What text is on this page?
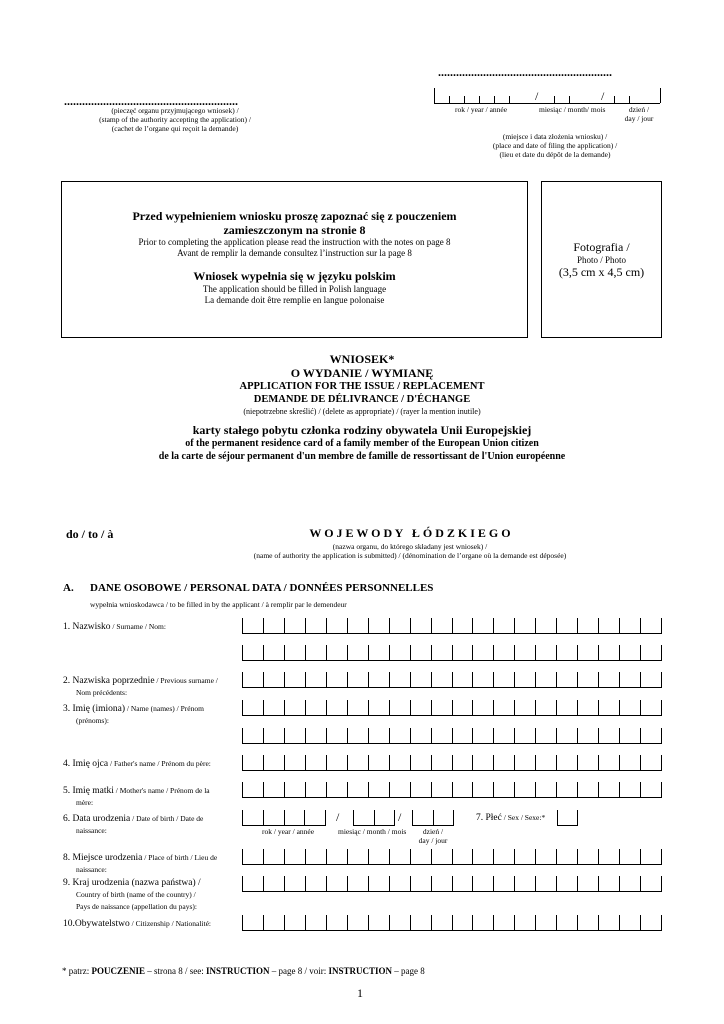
..........................................................
(pieczęć organu przyjmującego wniosek) /
(stamp of the authority accepting the application) /
(cachet de l’organe qui reçoit la demande)
..........................................................
/	/
rok / year / année	miesiąc / month/ mois	dzień /
day / jour
(miejsce i data złożenia wniosku) /
(place and date of filing the application) /
(lieu et date du dépôt de la demande)
Przed wypełnieniem wniosku proszę zapoznać się z pouczeniem
zamieszczonym na stronie 8
Prior to completing the application please read the instruction with the notes on page 8
Avant de remplir la demande consultez l’instruction sur la page 8
Wniosek wypełnia się w języku polskim
The application should be filled in Polish language
La demande doit être remplie en langue polonaise
Fotografia /
Photo / Photo
(3,5 cm x 4,5 cm)
WNIOSEK*
O WYDANIE / WYMIANĘ
APPLICATION FOR THE ISSUE / REPLACEMENT
DEMANDE DE DÉLIVRANCE / D'ÉCHANGE
(niepotrzebne skreślić) / (delete as appropriate) / (rayer la mention inutile)
karty stałego pobytu członka rodziny obywatela Unii Europejskiej
of the permanent residence card of a family member of the European Union citizen
de la carte de séjour permanent d'un membre de famille de ressortissant de l'Union européenne
do / to / à	W O J E W O D Y   Ł Ó D Z K I E G O
(nazwa organu, do którego składany jest wniosek) /
(name of authority the application is submitted) / (dénomination de l’organe où la demande est déposée)
A. DANE OSOBOWE / PERSONAL DATA / DONNÉES PERSONNELLES
wypełnia wnioskodawca / to be filled in by the applicant / à remplir par le demendeur
1. Nazwisko / Surname / Nom:
2. Nazwiska poprzednie / Previous surname /
Nom précédents:
3. Imię (imiona) / Name (names) / Prénom
(prénoms):
4. Imię ojca / Father's name / Prénom du père:
5. Imię matki / Mother's name / Prénom de la
mère:
6. Data urodzenia / Date of birth / Date de
naissance:
/	/
rok / year / année	miesiąc / month / mois	dzień /
day / jour
7. Płeć / Sex / Sexe:*
8. Miejsce urodzenia / Place of birth / Lieu de
naissance:
9. Kraj urodzenia (nazwa państwa) /
Country of birth (name of the country) /
Pays de naissance (appellation du pays):
10.Obywatelstwo / Citizenship / Nationalité:
* patrz: POUCZENIE – strona 8 / see: INSTRUCTION – page 8 / voir: INSTRUCTION – page 8
1
